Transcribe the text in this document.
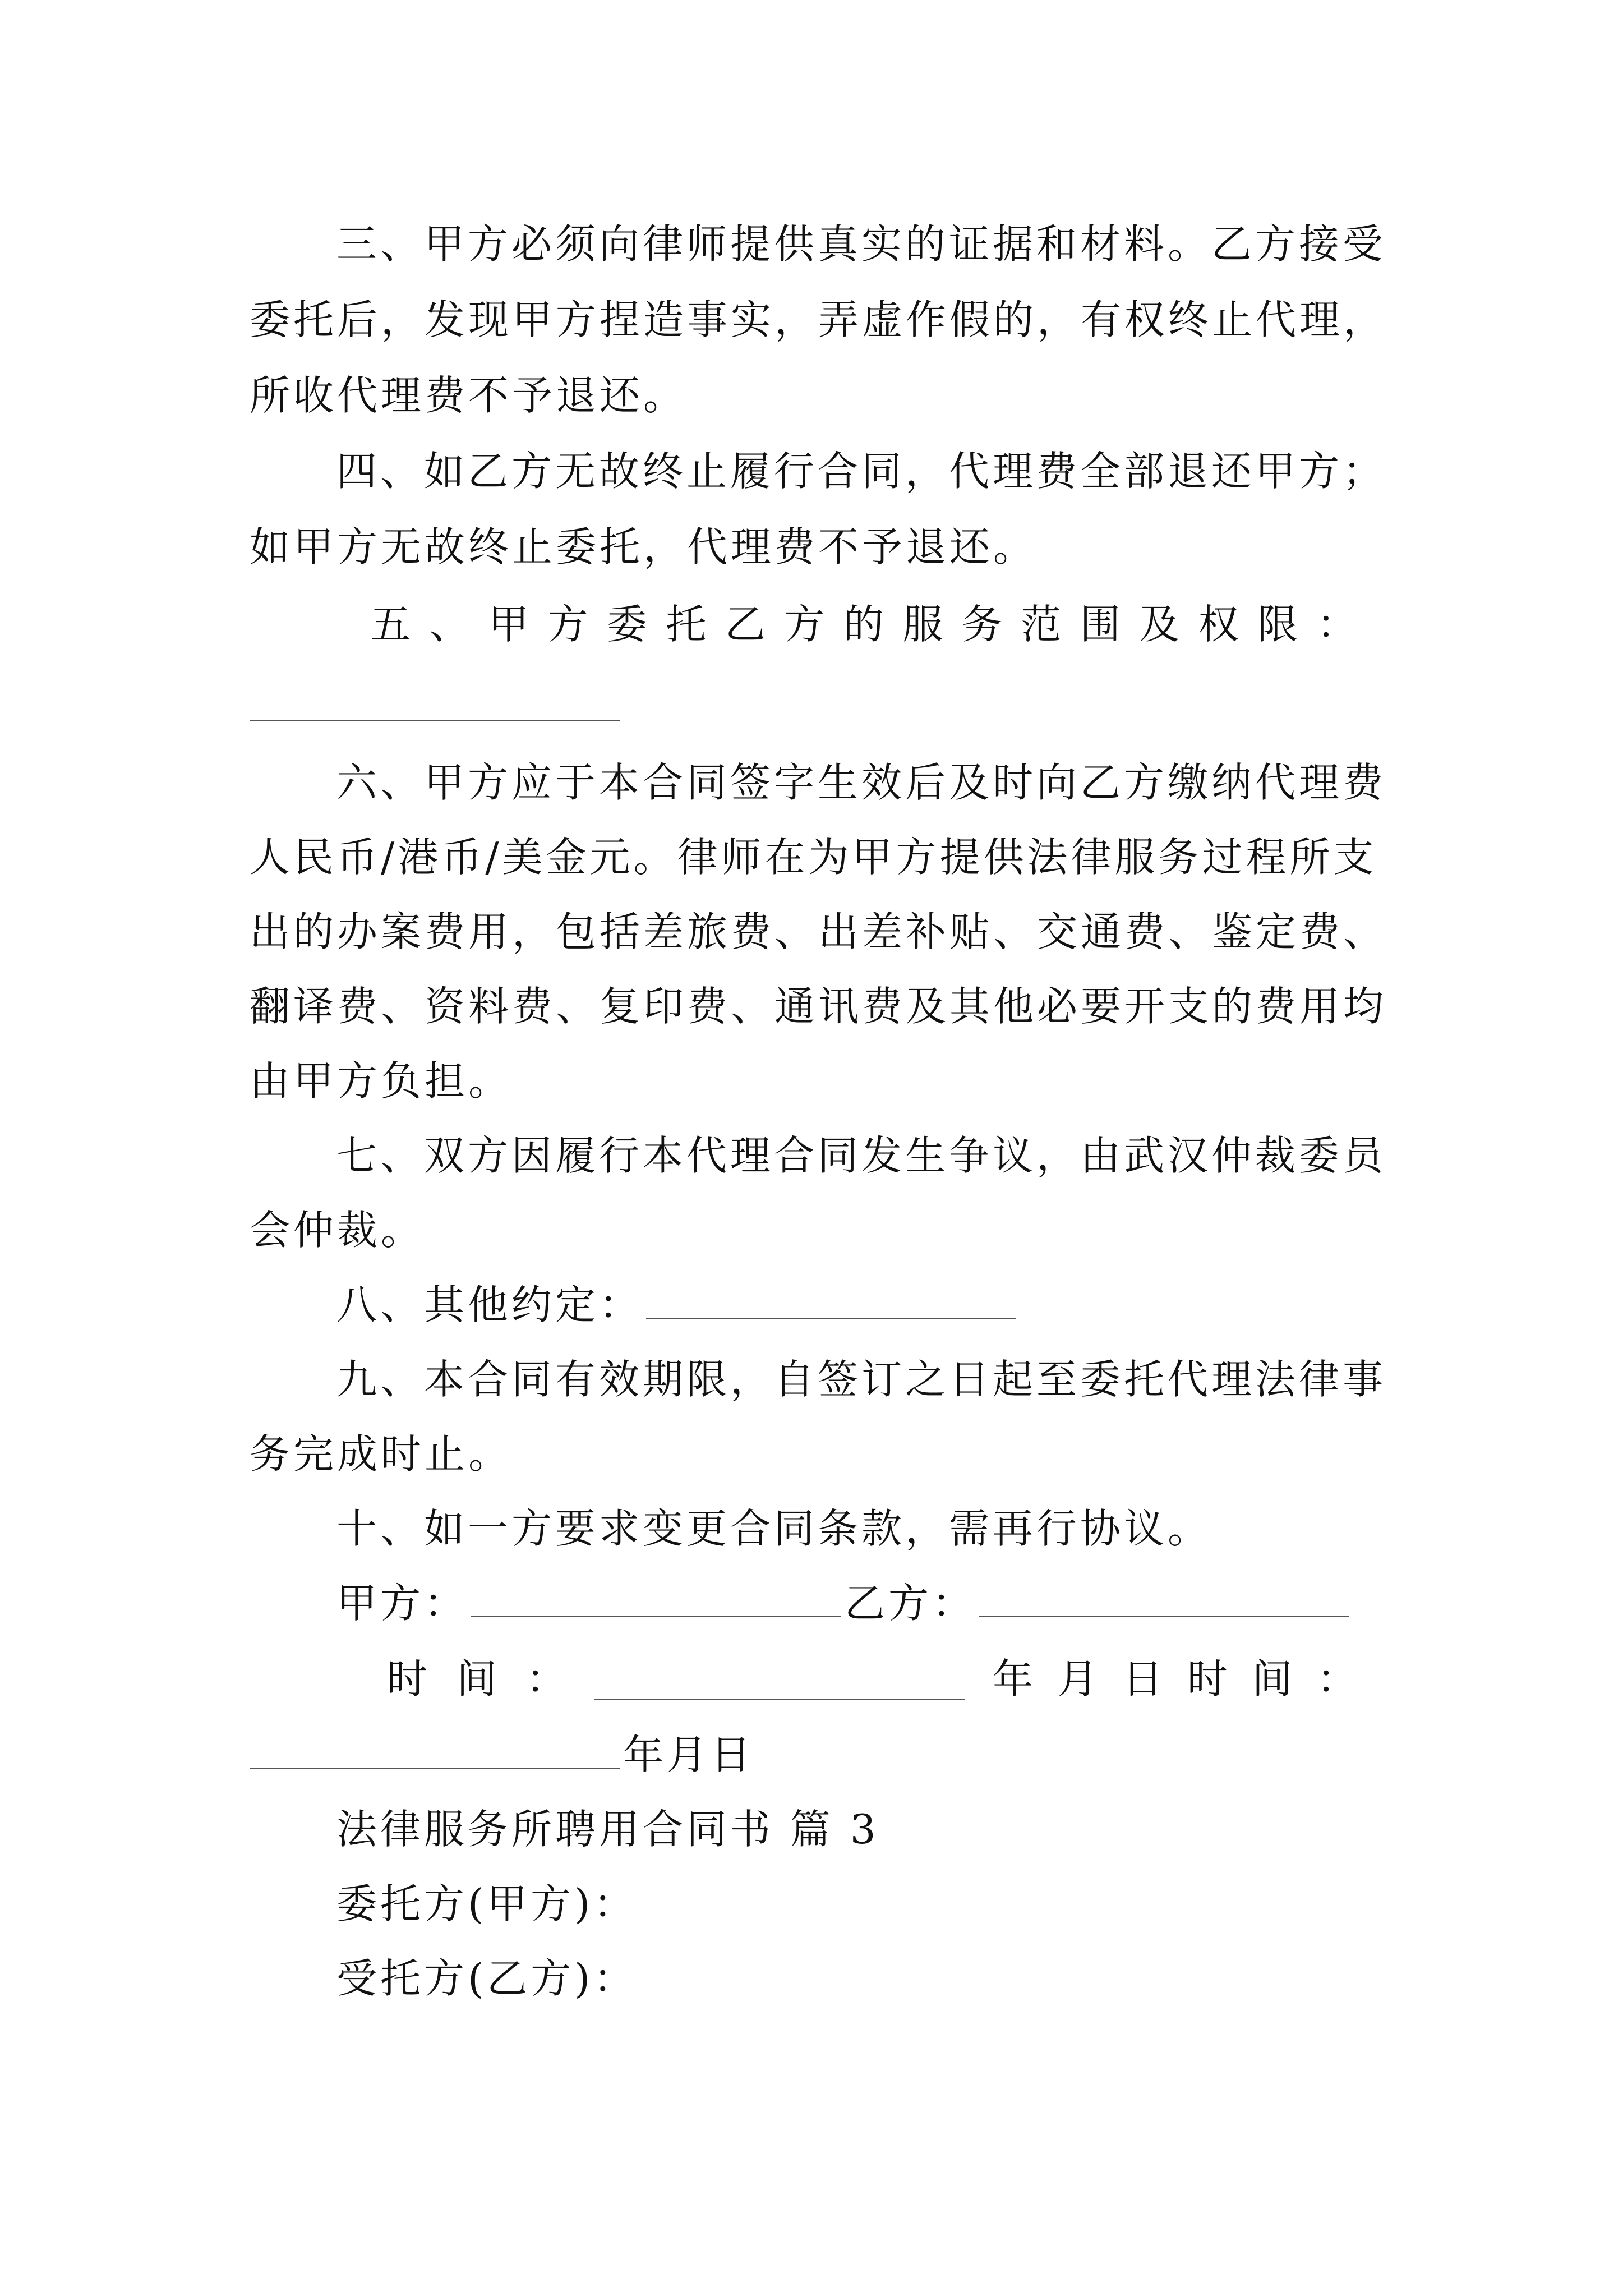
三、甲方必须向律师提供真实的证据和材料。乙方接受
委托后，发现甲方捏造事实，弄虚作假的，有权终止代理，
所收代理费不予退还。
四、如乙方无故终止履行合同，代理费全部退还甲方；
如甲方无故终止委托，代理费不予退还。
五 、 甲 方 委 托 乙 方 的 服 务 范 围 及 权 限 ：
六、甲方应于本合同签字生效后及时向乙方缴纳代理费
人民币/港币/美金元。律师在为甲方提供法律服务过程所支
出的办案费用，包括差旅费、出差补贴、交通费、鉴定费、
翻译费、资料费、复印费、通讯费及其他必要开支的费用均
由甲方负担。
七、双方因履行本代理合同发生争议，由武汉仲裁委员
会仲裁。
八、其他约定：
九、本合同有效期限，自签订之日起至委托代理法律事
务完成时止。
十、如一方要求变更合同条款，需再行协议。
甲方：	乙方：
时 间 ：	年 月 日 时 间 ：
年月日
法律服务所聘用合同书 篇 3
委托方(甲方)：
受托方(乙方)：
